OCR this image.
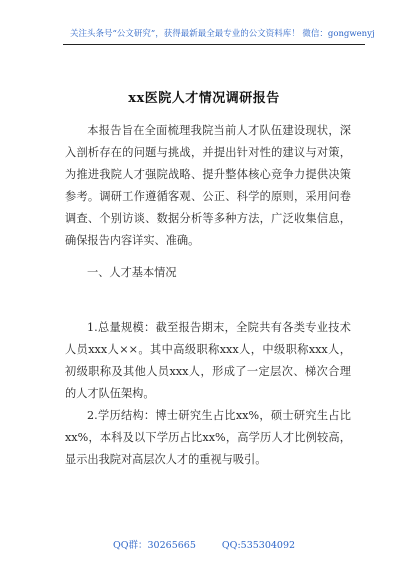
关注头条号“公文研究”，获得最新最全最专业的公文资料库！ 微信：gongwenyj
xx医院人才情况调研报告
本报告旨在全面梳理我院当前人才队伍建设现状，深入剖析存在的问题与挑战，并提出针对性的建议与对策，为推进我院人才强院战略、提升整体核心竞争力提供决策参考。调研工作遵循客观、公正、科学的原则，采用问卷调查、个别访谈、数据分析等多种方法，广泛收集信息，确保报告内容详实、准确。
一、人才基本情况
1.总量规模：截至报告期末，全院共有各类专业技术人员xxx人××。其中高级职称xxx人，中级职称xxx人，初级职称及其他人员xxx人，形成了一定层次、梯次合理的人才队伍架构。
2.学历结构：博士研究生占比xx%，硕士研究生占比xx%，本科及以下学历占比xx%，高学历人才比例较高，显示出我院对高层次人才的重视与吸引。
QQ群：30265665	QQ:535304092
